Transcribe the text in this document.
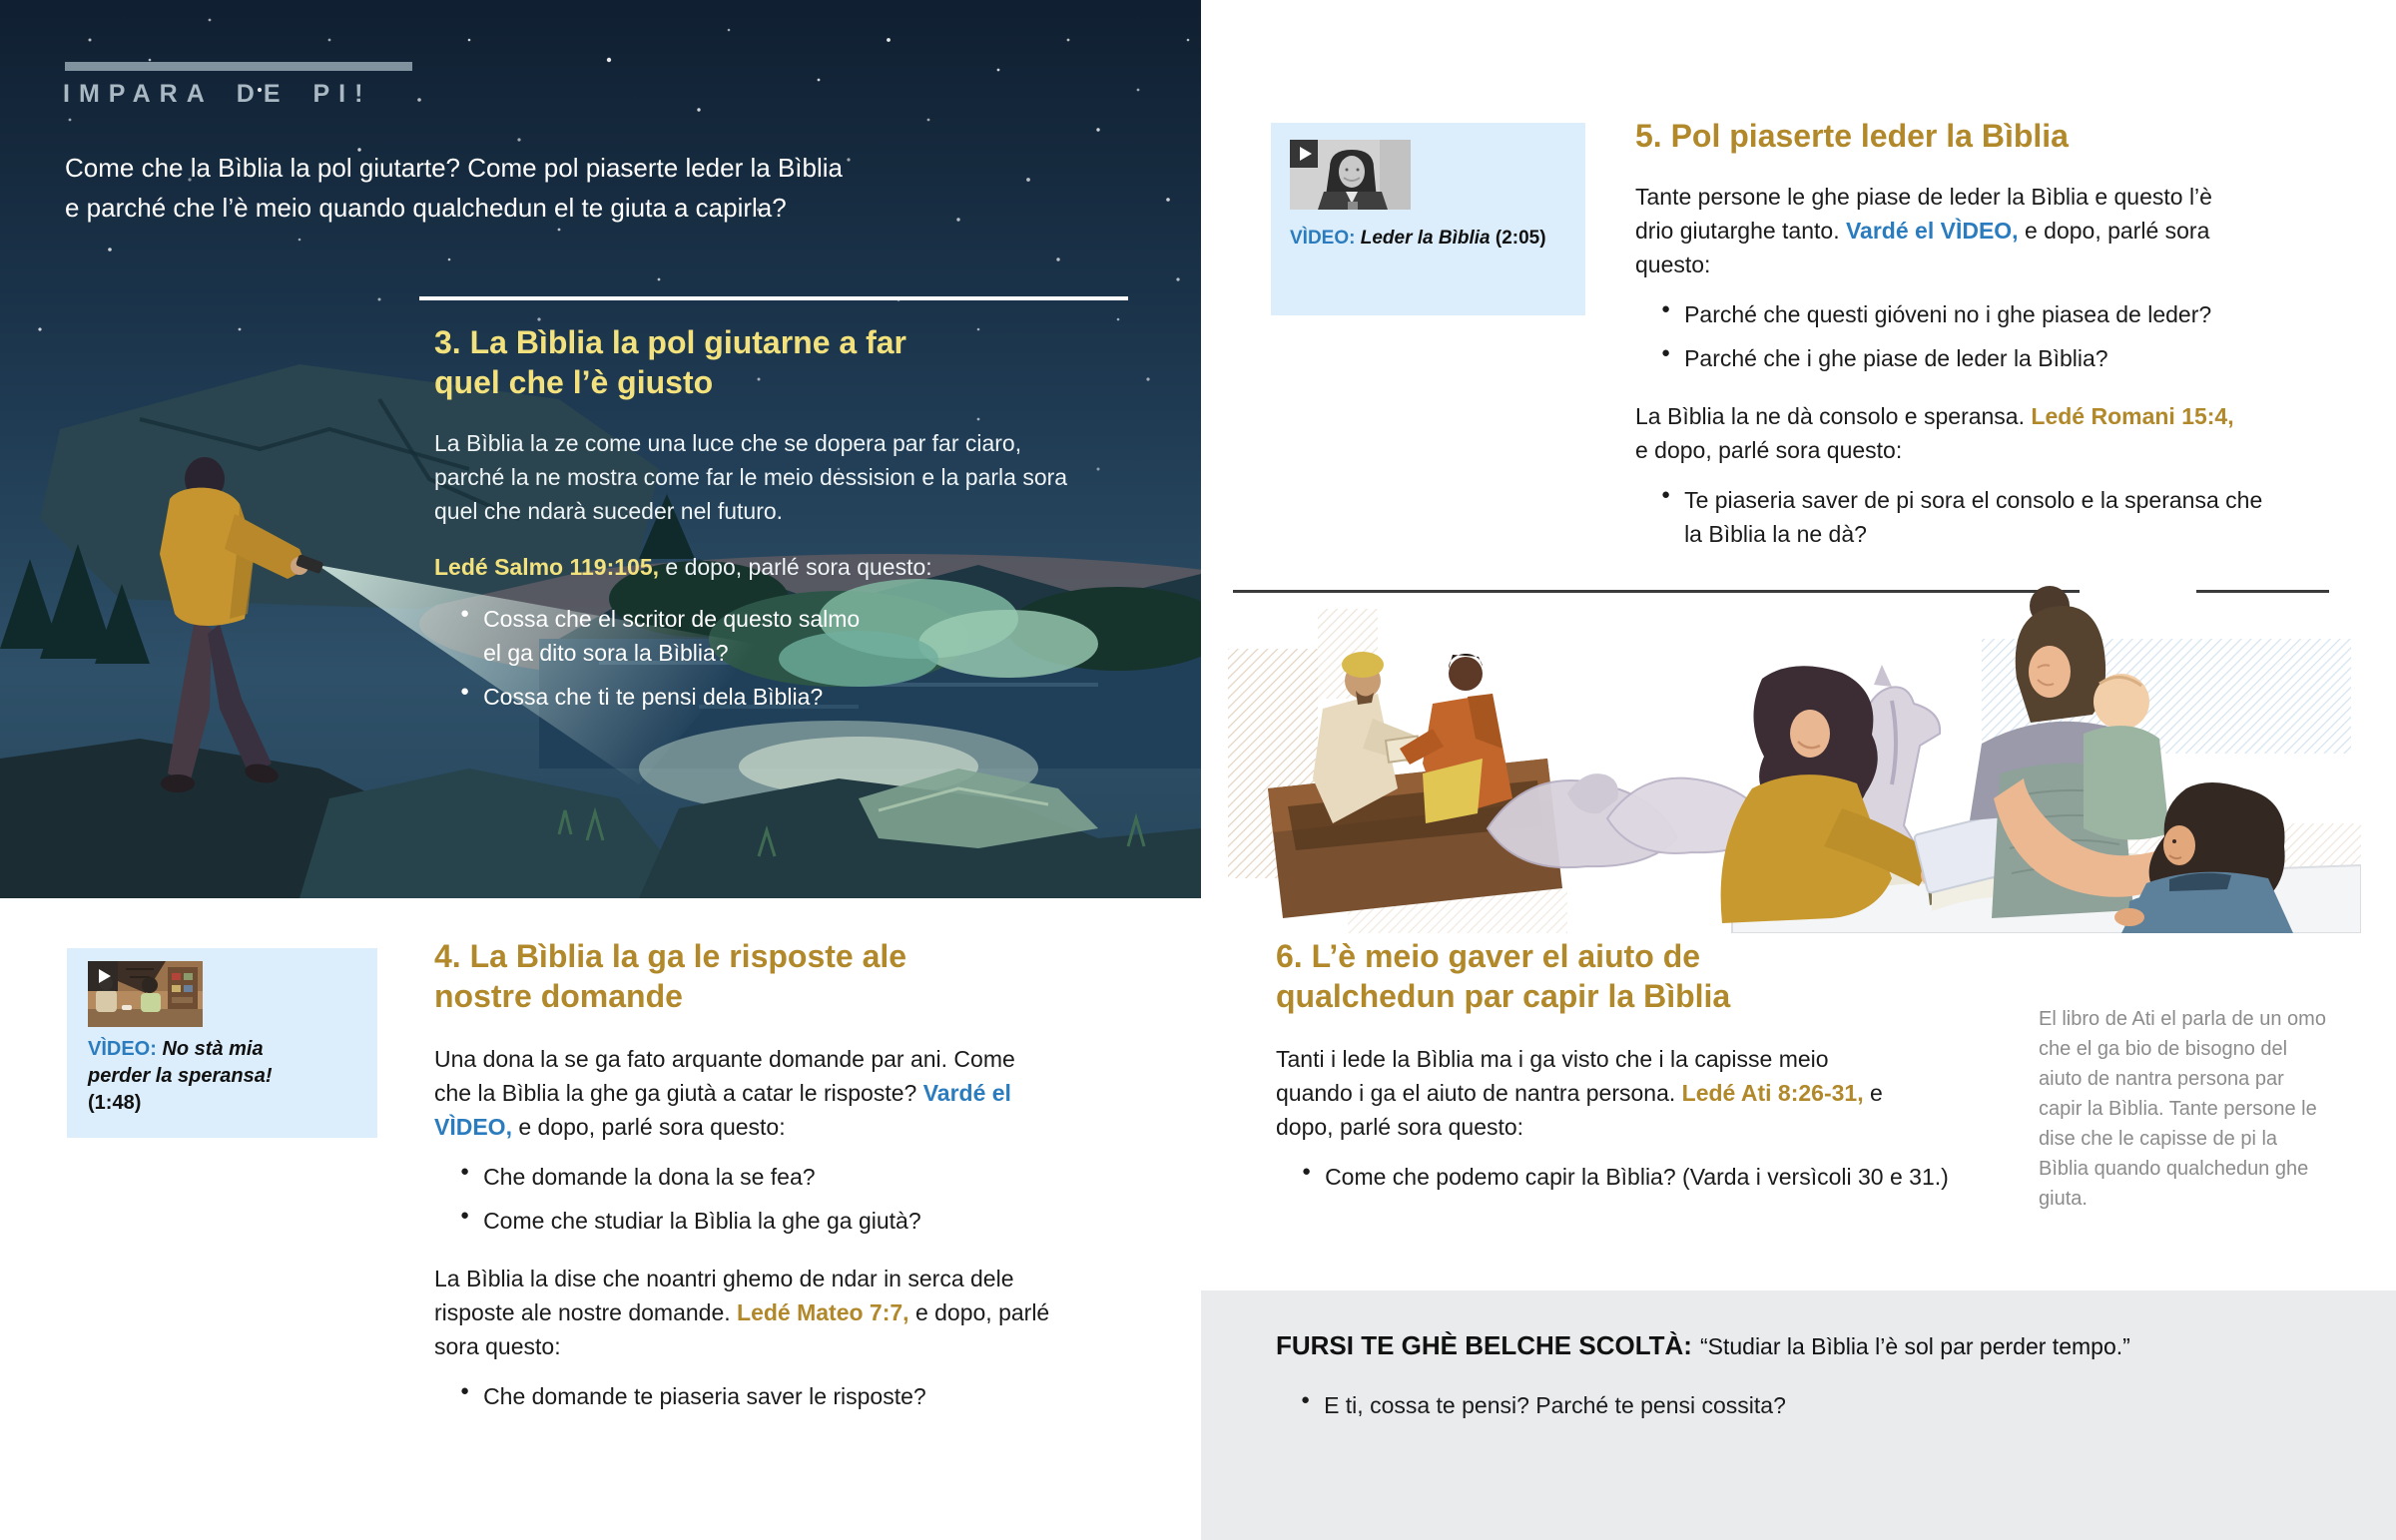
IMPARA DE PI!
Come che la Bìblia la pol giutarte? Come pol piaserte leder la Bìblia
e parché che l’è meio quando qualchedun el te giuta a capirla?
3. La Bìblia la pol giutarne a far quel che l’è giusto
La Bìblia la ze come una luce che se dopera par far ciaro, parché la ne mostra come far le meio dessision e la parla sora quel che ndarà suceder nel futuro.
Ledé Salmo 119:105, e dopo, parlé sora questo:
●
Cossa che el scritor de questo salmo el ga dito sora la Bìblia?
●
Cossa che ti te pensi dela Bìblia?
VÌDEO: No stà mia perder la speransa! (1:48)
4. La Bìblia la ga le risposte ale nostre domande
Una dona la se ga fato arquante domande par ani. Come che la Bìblia la ghe ga giutà a catar le risposte? Vardé el VÌDEO, e dopo, parlé sora questo:
●
Che domande la dona la se fea?
●
Come che studiar la Bìblia la ghe ga giutà?
La Bìblia la dise che noantri ghemo de ndar in serca dele risposte ale nostre domande. Ledé Mateo 7:7, e dopo, parlé sora questo:
●
Che domande te piaseria saver le risposte?
VÌDEO: Leder la Bìblia (2:05)
5. Pol piaserte leder la Bìblia
Tante persone le ghe piase de leder la Bìblia e questo l’è drio giutarghe tanto. Vardé el VÌDEO, e dopo, parlé sora questo:
●
Parché che questi gióveni no i ghe piasea de leder?
●
Parché che i ghe piase de leder la Bìblia?
La Bìblia la ne dà consolo e speransa. Ledé Romani 15:4, e dopo, parlé sora questo:
●
Te piaseria saver de pi sora el consolo e la speransa che la Bìblia la ne dà?
6. L’è meio gaver el aiuto de qualchedun par capir la Bìblia
Tanti i lede la Bìblia ma i ga visto che i la capisse meio quando i ga el aiuto de nantra persona. Ledé Ati 8:26-31, e dopo, parlé sora questo:
●
Come che podemo capir la Bìblia? (Varda i versìcoli 30 e 31.)
El libro de Ati el parla de un omo che el ga bio de bisogno del aiuto de nantra persona par capir la Bìblia. Tante persone le dise che le capisse de pi la Bìblia quando qualchedun ghe giuta.
FURSI TE GHÈ BELCHE SCOLTÀ: “Studiar la Bìblia l’è sol par perder tempo.”
●
E ti, cossa te pensi? Parché te pensi cossita?
